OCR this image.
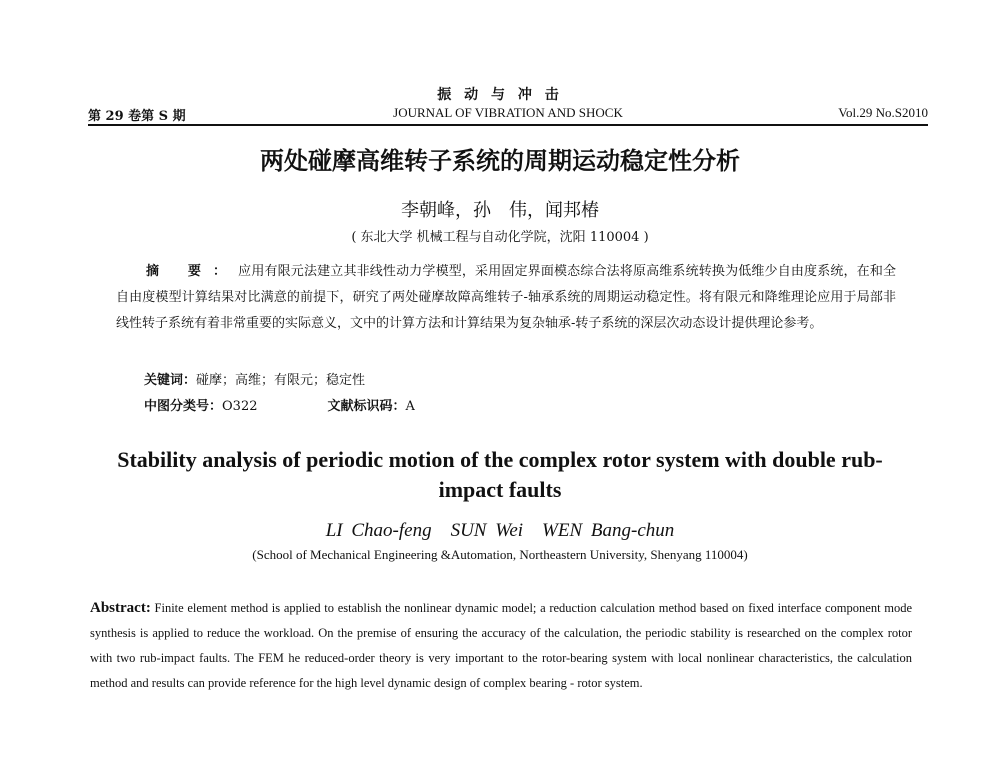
振 动 与 冲 击
第 29 卷第 S 期	JOURNAL OF VIBRATION AND SHOCK	Vol.29 No.S2010
两处碰摩高维转子系统的周期运动稳定性分析
李朝峰，孙　伟，闻邦椿
( 东北大学 机械工程与自动化学院，沈阳 110004 )
摘 要：应用有限元法建立其非线性动力学模型，采用固定界面模态综合法将原高维系统转换为低维少自由度系统，在和全自由度模型计算结果对比满意的前提下，研究了两处碰摩故障高维转子-轴承系统的周期运动稳定性。将有限元和降维理论应用于局部非线性转子系统有着非常重要的实际意义，文中的计算方法和计算结果为复杂轴承-转子系统的深层次动态设计提供理论参考。
关键词：碰摩；高维；有限元；稳定性
中图分类号：O322	文献标识码：A
Stability analysis of periodic motion of the complex rotor system with double rub-impact faults
LI Chao-feng　SUN Wei　WEN Bang-chun
(School of Mechanical Engineering &Automation, Northeastern University, Shenyang 110004)
Abstract: Finite element method is applied to establish the nonlinear dynamic model; a reduction calculation method based on fixed interface component mode synthesis is applied to reduce the workload. On the premise of ensuring the accuracy of the calculation, the periodic stability is researched on the complex rotor with two rub-impact faults. The FEM he reduced-order theory is very important to the rotor-bearing system with local nonlinear characteristics, the calculation method and results can provide reference for the high level dynamic design of complex bearing - rotor system.
